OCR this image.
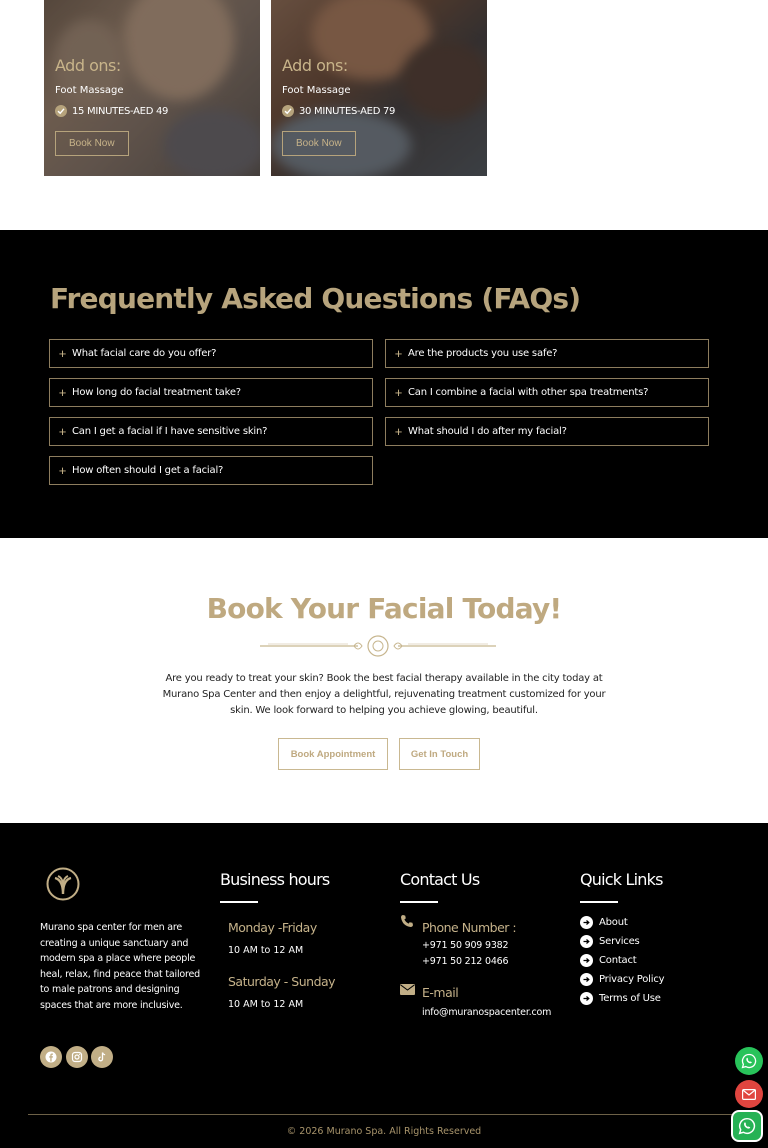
Add ons:
Foot Massage
15 MINUTES-AED 49
Book Now
Add ons:
Foot Massage
30 MINUTES-AED 79
Book Now
Frequently Asked Questions (FAQs)
+ What facial care do you offer?	+ Are the products you use safe?
+ How long do facial treatment take?	+ Can I combine a facial with other spa treatments?
+ Can I get a facial if I have sensitive skin?	+ What should I do after my facial?
+ How often should I get a facial?
Book Your Facial Today!

Are you ready to treat your skin? Book the best facial therapy available in the city today at Murano Spa Center and then enjoy a delightful, rejuvenating treatment customized for your skin. We look forward to helping you achieve glowing, beautiful.

Book Appointment	Get In Touch

Murano spa center for men are creating a unique sanctuary and modern spa a place where people heal, relax, find peace that tailored to male patrons and designing spaces that are more inclusive.

Business hours
Monday -Friday
10 AM to 12 AM
Saturday - Sunday
10 AM to 12 AM
Contact Us
Phone Number :
+971 50 909 9382
+971 50 212 0466
E-mail
info@muranospacenter.com
Quick Links
About
Services
Contact
Privacy Policy
Terms of Use
© 2026 Murano Spa. All Rights Reserved
